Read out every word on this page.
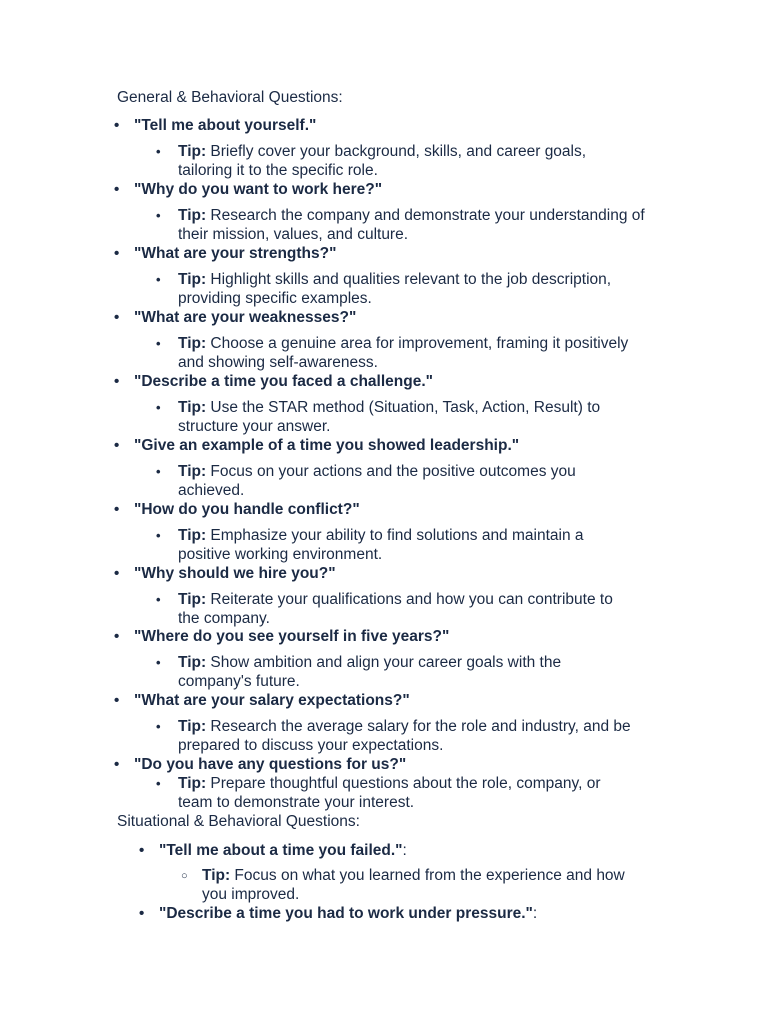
General & Behavioral Questions:
• "Tell me about yourself."
• Tip: Briefly cover your background, skills, and career goals, tailoring it to the specific role.
• "Why do you want to work here?"
• Tip: Research the company and demonstrate your understanding of their mission, values, and culture.
• "What are your strengths?"
• Tip: Highlight skills and qualities relevant to the job description, providing specific examples.
• "What are your weaknesses?"
• Tip: Choose a genuine area for improvement, framing it positively and showing self-awareness.
• "Describe a time you faced a challenge."
• Tip: Use the STAR method (Situation, Task, Action, Result) to structure your answer.
• "Give an example of a time you showed leadership."
• Tip: Focus on your actions and the positive outcomes you achieved.
• "How do you handle conflict?"
• Tip: Emphasize your ability to find solutions and maintain a positive working environment.
• "Why should we hire you?"
• Tip: Reiterate your qualifications and how you can contribute to the company.
• "Where do you see yourself in five years?"
• Tip: Show ambition and align your career goals with the company's future.
• "What are your salary expectations?"
• Tip: Research the average salary for the role and industry, and be prepared to discuss your expectations.
• "Do you have any questions for us?"
• Tip: Prepare thoughtful questions about the role, company, or team to demonstrate your interest.
Situational & Behavioral Questions:
• "Tell me about a time you failed.":
○ Tip: Focus on what you learned from the experience and how you improved.
• "Describe a time you had to work under pressure.":
